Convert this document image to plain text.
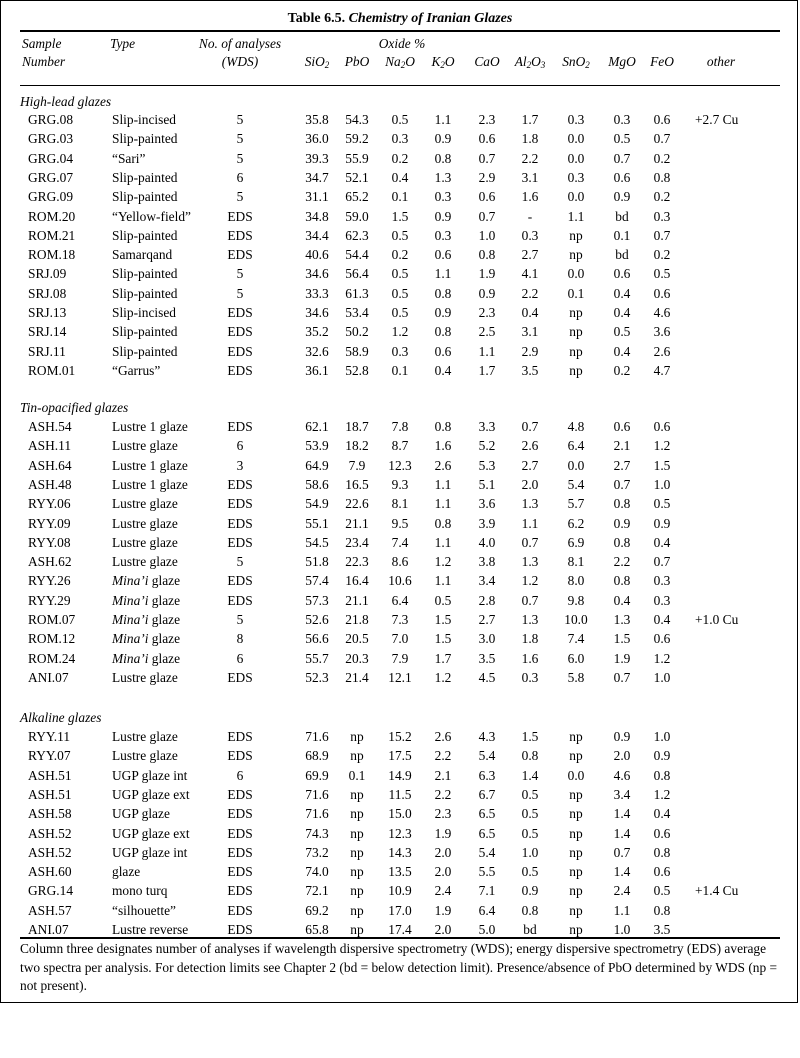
Table 6.5. Chemistry of Iranian Glazes
Sample
Number
Type	No. of analyses
(WDS)
Oxide %
SiO$_2$ PbO $Na_2O$ $K_2O$ CaO $Al_2O_3$ SnO$_2$ MgO FeO other
High-lead glazes
GRG.08	Slip-incised	5	35.8 54.3 0.5 1.1 2.3 1.7 0.3 0.3 0.6 +2.7 Cu
GRG.03	Slip-painted	5	36.0 59.2 0.3 0.9 0.6 1.8 0.0 0.5 0.7
GRG.04	“Sari”	5	39.3 55.9 0.2 0.8 0.7 2.2 0.0 0.7 0.2
GRG.07	Slip-painted	6	34.7 52.1 0.4 1.3 2.9 3.1 0.3 0.6 0.8
GRG.09	Slip-painted	5	31.1 65.2 0.1 0.3 0.6 1.6 0.0 0.9 0.2
ROM.20	“Yellow-field”	EDS	34.8 59.0 1.5 0.9 0.7 -	1.1 bd 0.3
ROM.21	Slip-painted	EDS	34.4 62.3 0.5 0.3 1.0 0.3 np 0.1 0.7
ROM.18	Samarqand	EDS	40.6 54.4 0.2 0.6 0.8 2.7 np bd 0.2
SRJ.09	Slip-painted	5	34.6 56.4 0.5 1.1 1.9 4.1 0.0 0.6 0.5
SRJ.08	Slip-painted	5	33.3 61.3 0.5 0.8 0.9 2.2 0.1 0.4 0.6
SRJ.13	Slip-incised	EDS	34.6 53.4 0.5 0.9 2.3 0.4 np 0.4 4.6
SRJ.14	Slip-painted	EDS	35.2 50.2 1.2 0.8 2.5 3.1 np 0.5 3.6
SRJ.11	Slip-painted	EDS	32.6 58.9 0.3 0.6 1.1 2.9 np 0.4 2.6
ROM.01	“Garrus”	EDS	36.1 52.8 0.1 0.4 1.7 3.5 np 0.2 4.7
Tin-opacified glazes
ASH.54	Lustre 1 glaze	EDS	62.1 18.7 7.8 0.8 3.3 0.7 4.8 0.6 0.6
ASH.11	Lustre glaze	6	53.9 18.2 8.7 1.6 5.2 2.6 6.4 2.1 1.2
ASH.64	Lustre 1 glaze	3	64.9 7.9 12.3 2.6 5.3 2.7 0.0 2.7 1.5
ASH.48	Lustre 1 glaze	EDS	58.6 16.5 9.3 1.1 5.1 2.0 5.4 0.7 1.0
RYY.06	Lustre glaze	EDS	54.9 22.6 8.1 1.1 3.6 1.3 5.7 0.8 0.5
RYY.09	Lustre glaze	EDS	55.1 21.1 9.5 0.8 3.9 1.1 6.2 0.9 0.9
RYY.08	Lustre glaze	EDS	54.5 23.4 7.4 1.1 4.0 0.7 6.9 0.8 0.4
ASH.62	Lustre glaze	5	51.8 22.3 8.6 1.2 3.8 1.3 8.1 2.2 0.7
RYY.26	Mina’i glaze	EDS	57.4 16.4 10.6 1.1 3.4 1.2 8.0 0.8 0.3
RYY.29	Mina’i glaze	EDS	57.3 21.1 6.4 0.5 2.8 0.7 9.8 0.4 0.3
ROM.07	Mina’i glaze	5	52.6 21.8 7.3 1.5 2.7 1.3 10.0 1.3 0.4 +1.0 Cu
ROM.12	Mina’i glaze	8	56.6 20.5 7.0 1.5 3.0 1.8 7.4 1.5 0.6
ROM.24	Mina’i glaze	6	55.7 20.3 7.9 1.7 3.5 1.6 6.0 1.9 1.2
ANI.07	Lustre glaze	EDS	52.3 21.4 12.1 1.2 4.5 0.3 5.8 0.7 1.0
Alkaline glazes
RYY.11	Lustre glaze	EDS	71.6 np 15.2 2.6 4.3 1.5 np 0.9 1.0
RYY.07	Lustre glaze	EDS	68.9 np 17.5 2.2 5.4 0.8 np 2.0 0.9
ASH.51	UGP glaze int	6	69.9 0.1 14.9 2.1 6.3 1.4 0.0 4.6 0.8
ASH.51	UGP glaze ext	EDS	71.6 np 11.5 2.2 6.7 0.5 np 3.4 1.2
ASH.58	UGP glaze	EDS	71.6 np 15.0 2.3 6.5 0.5 np 1.4 0.4
ASH.52	UGP glaze ext	EDS	74.3 np 12.3 1.9 6.5 0.5 np 1.4 0.6
ASH.52	UGP glaze int	EDS	73.2 np 14.3 2.0 5.4 1.0 np 0.7 0.8
ASH.60	glaze	EDS	74.0 np 13.5 2.0 5.5 0.5 np 1.4 0.6
GRG.14	mono turq	EDS	72.1 np 10.9 2.4 7.1 0.9 np 2.4 0.5 +1.4 Cu
ASH.57	“silhouette”	EDS	69.2 np 17.0 1.9 6.4 0.8 np 1.1 0.8
ANI.07	Lustre reverse	EDS	65.8 np 17.4 2.0 5.0 bd np 1.0 3.5
Column three designates number of analyses if wavelength dispersive spectrometry (WDS); energy dispersive spectrometry (EDS) average two spectra per analysis. For detection limits see Chapter 2 (bd = below detection limit). Presence/absence of PbO determined by WDS (np = not present).
